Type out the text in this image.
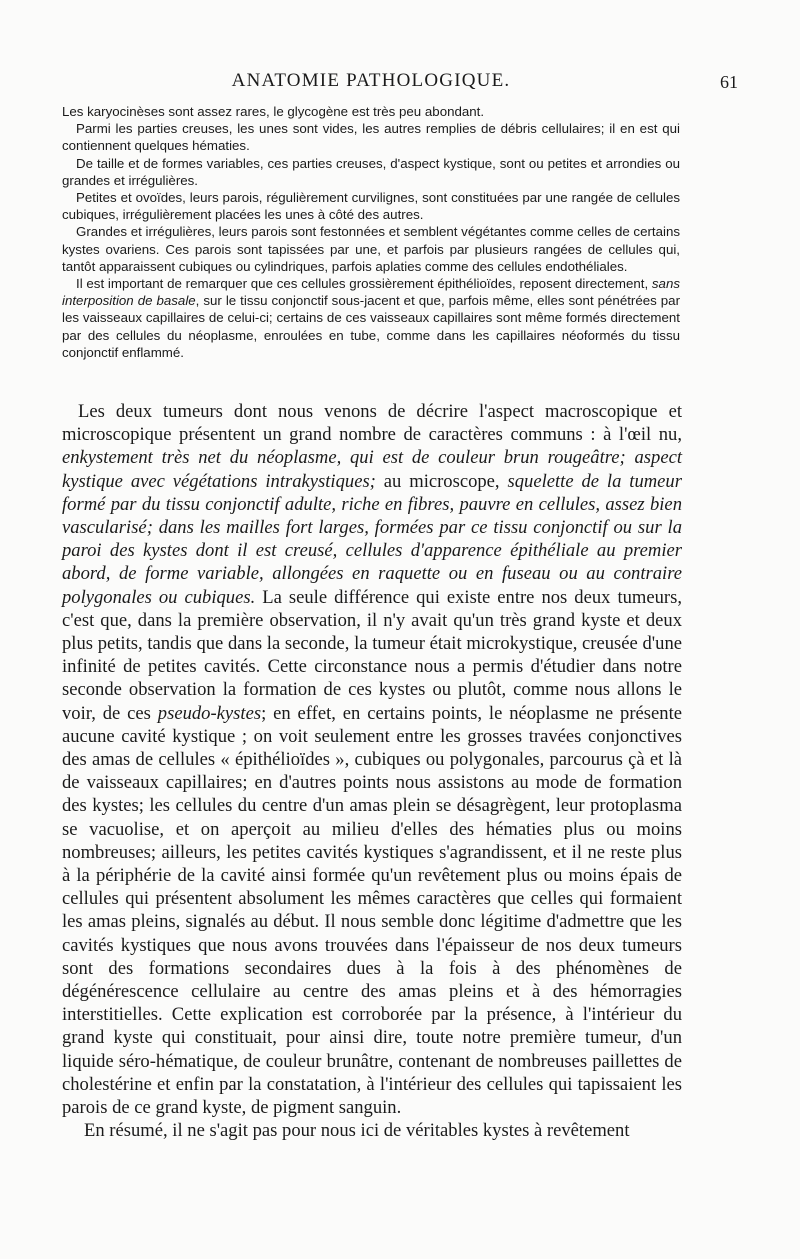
ANATOMIE PATHOLOGIQUE.	61

Les karyocinèses sont assez rares, le glycogène est très peu abondant.

Parmi les parties creuses, les unes sont vides, les autres remplies de débris cellulaires; il en est qui contiennent quelques hématies.

De taille et de formes variables, ces parties creuses, d'aspect kystique, sont ou petites et arrondies ou grandes et irrégulières.

Petites et ovoïdes, leurs parois, régulièrement curvilignes, sont constituées par une rangée de cellules cubiques, irrégulièrement placées les unes à côté des autres.

Grandes et irrégulières, leurs parois sont festonnées et semblent végétantes comme celles de certains kystes ovariens. Ces parois sont tapissées par une, et parfois par plusieurs rangées de cellules qui, tantôt apparaissent cubiques ou cylindriques, parfois aplaties comme des cellules endothéliales.

Il est important de remarquer que ces cellules grossièrement épithélioïdes, reposent directement, sans interposition de basale, sur le tissu conjonctif sous-jacent et que, parfois même, elles sont pénétrées par les vaisseaux capillaires de celui-ci; certains de ces vaisseaux capillaires sont même formés directement par des cellules du néoplasme, enroulées en tube, comme dans les capillaires néoformés du tissu conjonctif enflammé.

Les deux tumeurs dont nous venons de décrire l'aspect macroscopique et microscopique présentent un grand nombre de caractères communs : à l'œil nu, enkystement très net du néoplasme, qui est de couleur brun rougeâtre; aspect kystique avec végétations intrakystiques; au microscope, squelette de la tumeur formé par du tissu conjonctif adulte, riche en fibres, pauvre en cellules, assez bien vascularisé; dans les mailles fort larges, formées par ce tissu conjonctif ou sur la paroi des kystes dont il est creusé, cellules d'apparence épithéliale au premier abord, de forme variable, allongées en raquette ou en fuseau ou au contraire polygonales ou cubiques. La seule différence qui existe entre nos deux tumeurs, c'est que, dans la première observation, il n'y avait qu'un très grand kyste et deux plus petits, tandis que dans la seconde, la tumeur était microkystique, creusée d'une infinité de petites cavités. Cette circonstance nous a permis d'étudier dans notre seconde observation la formation de ces kystes ou plutôt, comme nous allons le voir, de ces pseudo-kystes; en effet, en certains points, le néoplasme ne présente aucune cavité kystique ; on voit seulement entre les grosses travées conjonctives des amas de cellules « épithélioïdes », cubiques ou polygonales, parcourus çà et là de vaisseaux capillaires; en d'autres points nous assistons au mode de formation des kystes; les cellules du centre d'un amas plein se désagrègent, leur protoplasma se vacuolise, et on aperçoit au milieu d'elles des hématies plus ou moins nombreuses; ailleurs, les petites cavités kystiques s'agrandissent, et il ne reste plus à la périphérie de la cavité ainsi formée qu'un revêtement plus ou moins épais de cellules qui présentent absolument les mêmes caractères que celles qui formaient les amas pleins, signalés au début. Il nous semble donc légitime d'admettre que les cavités kystiques que nous avons trouvées dans l'épaisseur de nos deux tumeurs sont des formations secondaires dues à la fois à des phénomènes de dégénérescence cellulaire au centre des amas pleins et à des hémorragies interstitielles. Cette explication est corroborée par la présence, à l'intérieur du grand kyste qui constituait, pour ainsi dire, toute notre première tumeur, d'un liquide séro-hématique, de couleur brunâtre, contenant de nombreuses paillettes de cholestérine et enfin par la constatation, à l'intérieur des cellules qui tapissaient les parois de ce grand kyste, de pigment sanguin.

En résumé, il ne s'agit pas pour nous ici de véritables kystes à revêtement
